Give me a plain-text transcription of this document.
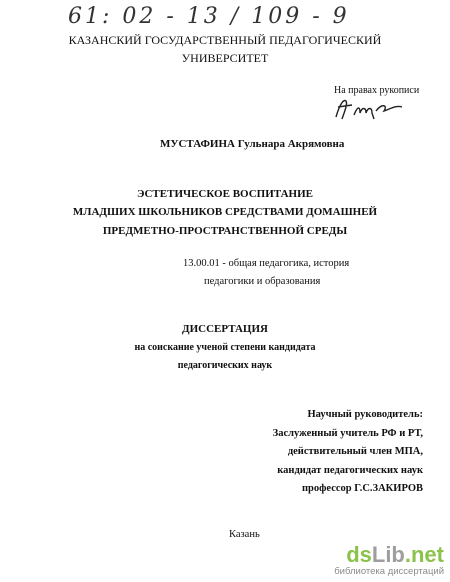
61: 02 - 13 / 109 - 9
КАЗАНСКИЙ ГОСУДАРСТВЕННЫЙ ПЕДАГОГИЧЕСКИЙ
УНИВЕРСИТЕТ
На правах рукописи
МУСТАФИНА Гульнара Акрямовна
ЭСТЕТИЧЕСКОЕ ВОСПИТАНИЕ
МЛАДШИХ ШКОЛЬНИКОВ СРЕДСТВАМИ ДОМАШНЕЙ
ПРЕДМЕТНО-ПРОСТРАНСТВЕННОЙ СРЕДЫ
13.00.01 - общая педагогика, история
педагогики и образования
ДИССЕРТАЦИЯ
на соискание ученой степени кандидата
педагогических наук
Научный руководитель:
Заслуженный учитель РФ и РТ,
действительный член МПА,
кандидат педагогических наук
профессор Г.С.ЗАКИРОВ
Казань
dsLib.net
библиотека диссертаций
